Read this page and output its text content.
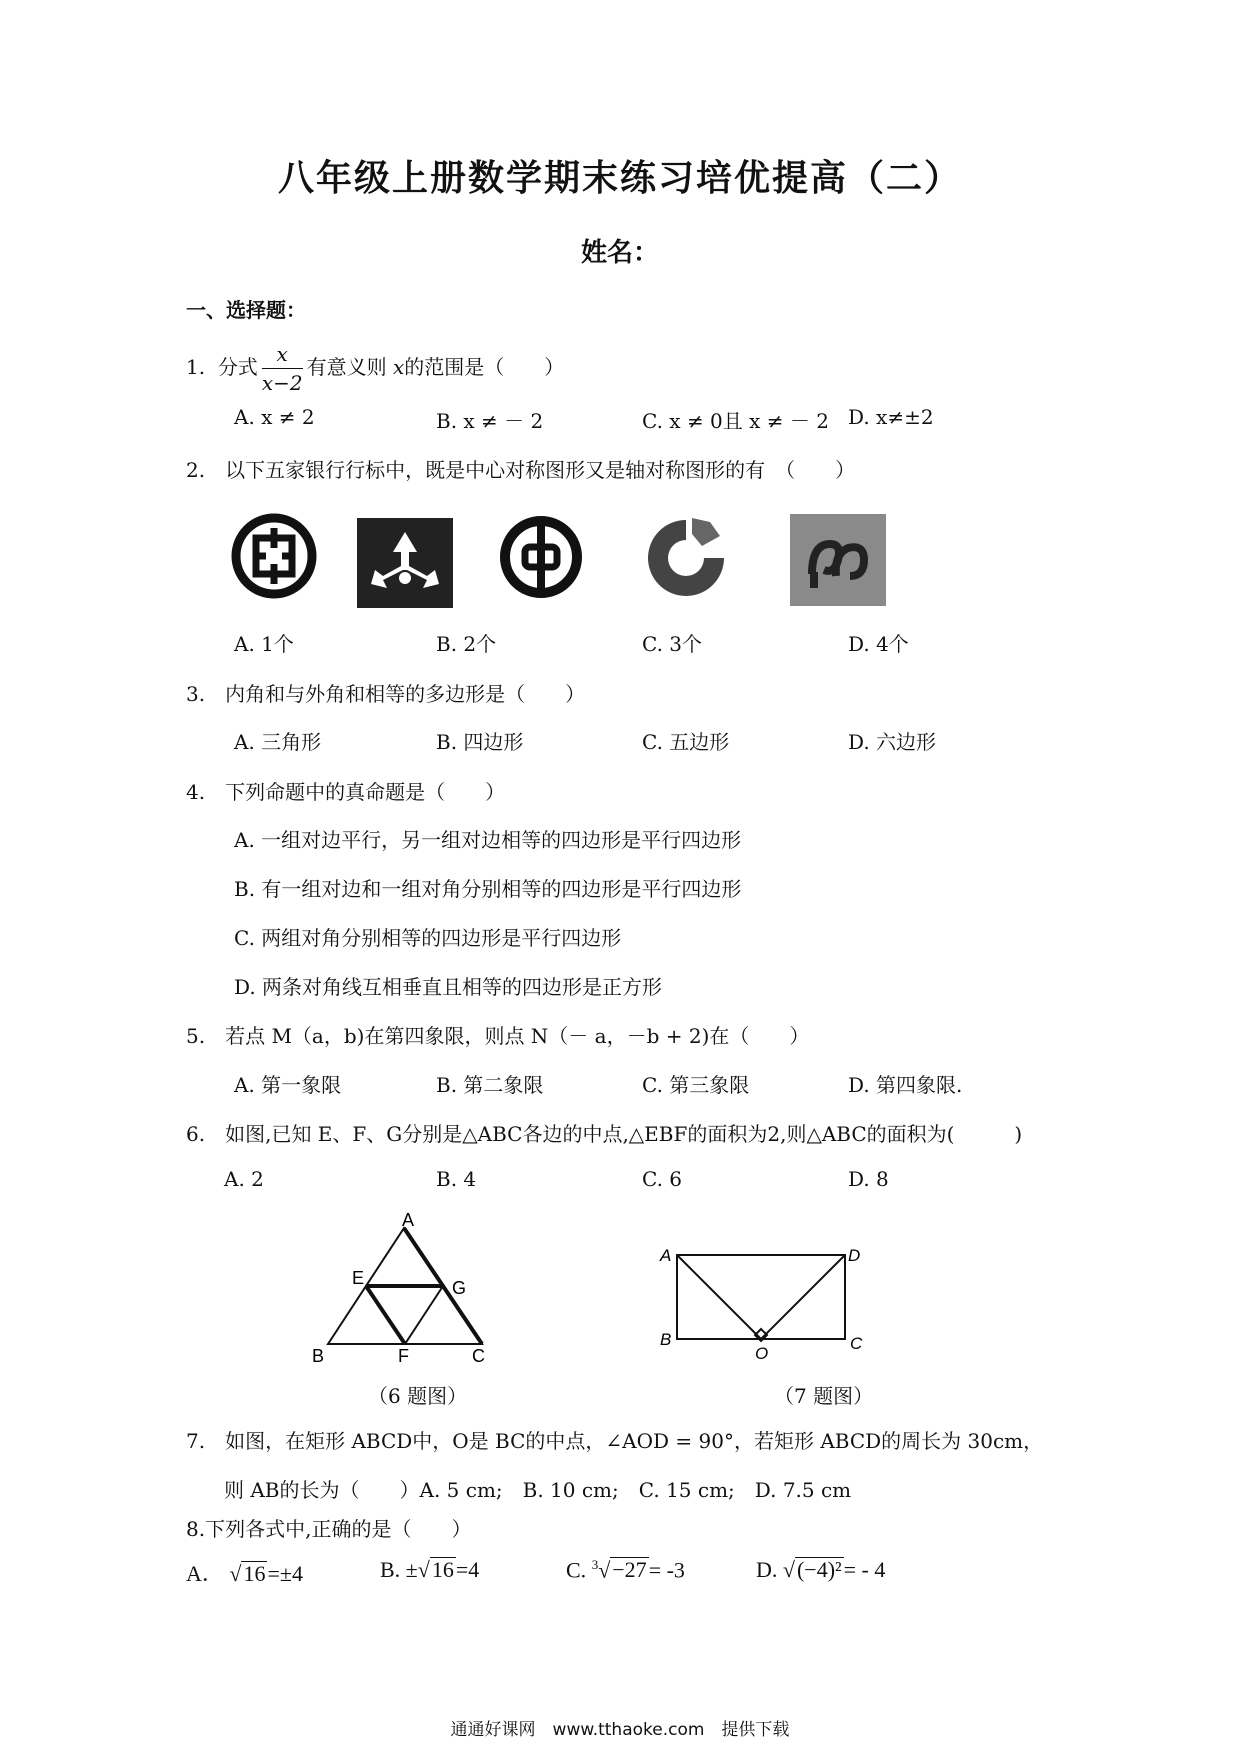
八年级上册数学期末练习培优提高（二）
姓名：
一、选择题：
1. 分式 $\frac{x}{x-2}$ 有意义则 x的范围是（　　）
A. x ≠ 2	B. x ≠ － 2	C. x ≠ 0且 x ≠ － 2 D. x≠±2
2.　以下五家银行行标中，既是中心对称图形又是轴对称图形的有　（　　）
A. 1个	B. 2个	C. 3个	D. 4个
3.　内角和与外角和相等的多边形是（　　）
A. 三角形	B. 四边形	C. 五边形	D. 六边形
4.　下列命题中的真命题是（　　）
A. 一组对边平行，另一组对边相等的四边形是平行四边形
B. 有一组对边和一组对角分别相等的四边形是平行四边形
C. 两组对角分别相等的四边形是平行四边形
D. 两条对角线互相垂直且相等的四边形是正方形
5.　若点 M（a，b)在第四象限，则点 N（－ a，－b + 2)在（　　）
A. 第一象限	B. 第二象限	C. 第三象限	D. 第四象限.
6.　如图,已知 E、F、G分别是△ABC各边的中点,△EBF的面积为2,则△ABC的面积为(　　　)
A. 2	B. 4	C. 6	D. 8
A
E	G
B	F	C
（6 题图）
A	D
B
O
C
（7 题图）
7.　如图，在矩形 ABCD中，O是 BC的中点，∠AOD = 90°，若矩形 ABCD的周长为 30cm，
则 AB的长为（　　）A. 5 cm;　B. 10 cm;　C. 15 cm;　D. 7.5 cm
8.下列各式中,正确的是（　　）
A． √16=±4	B. ±√16=4	C. $^3$√−27= -3	D. √(−4)²= - 4
通通好课网　www.tthaoke.com　提供下载
